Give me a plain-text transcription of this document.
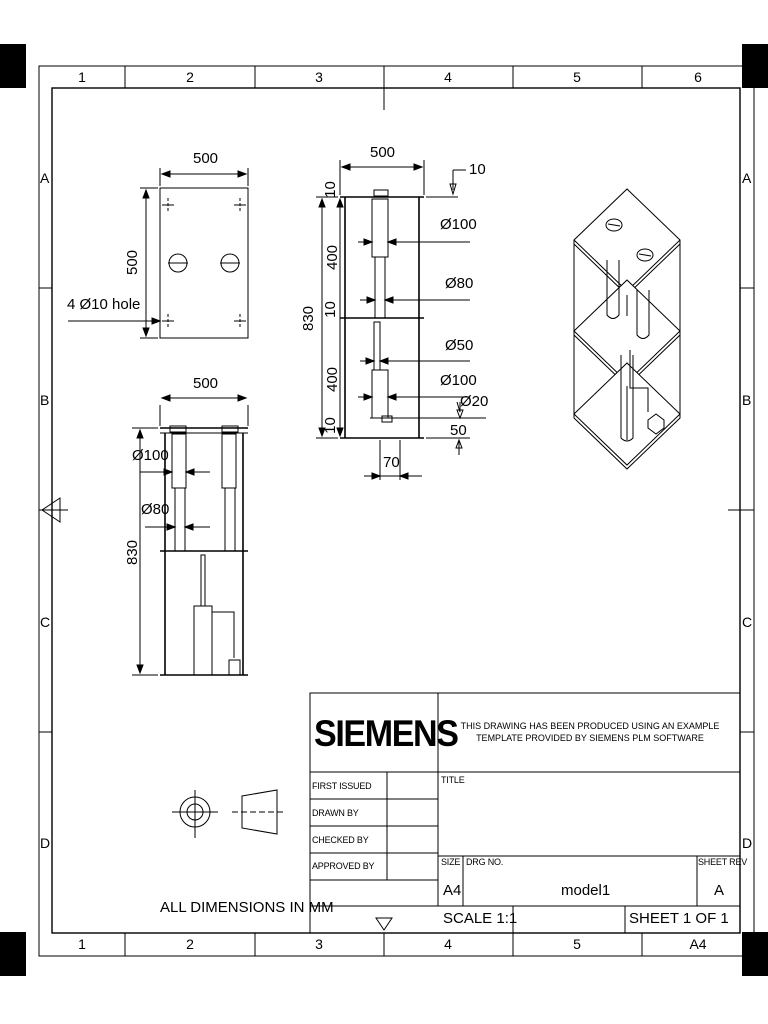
1	2	3	4	5	6
1	2	3	4	5	A4
A
B
C
D
A
B
C
D
500
500
4 Ø10 hole
500
Ø100
Ø80
830
500
10
830
10
400
10
400
10
Ø100
Ø80
Ø50
Ø100
Ø20
50
70
SIEMENS THIS DRAWING HAS BEEN PRODUCED USING AN EXAMPLE
TEMPLATE PROVIDED BY SIEMENS PLM SOFTWARE
FIRST ISSUED
DRAWN BY
CHECKED BY
APPROVED BY
TITLE
SIZE DRG NO.	SHEET REV
A4	model1	A
SCALE 1:1	SHEET 1 OF 1
ALL DIMENSIONS IN MM
